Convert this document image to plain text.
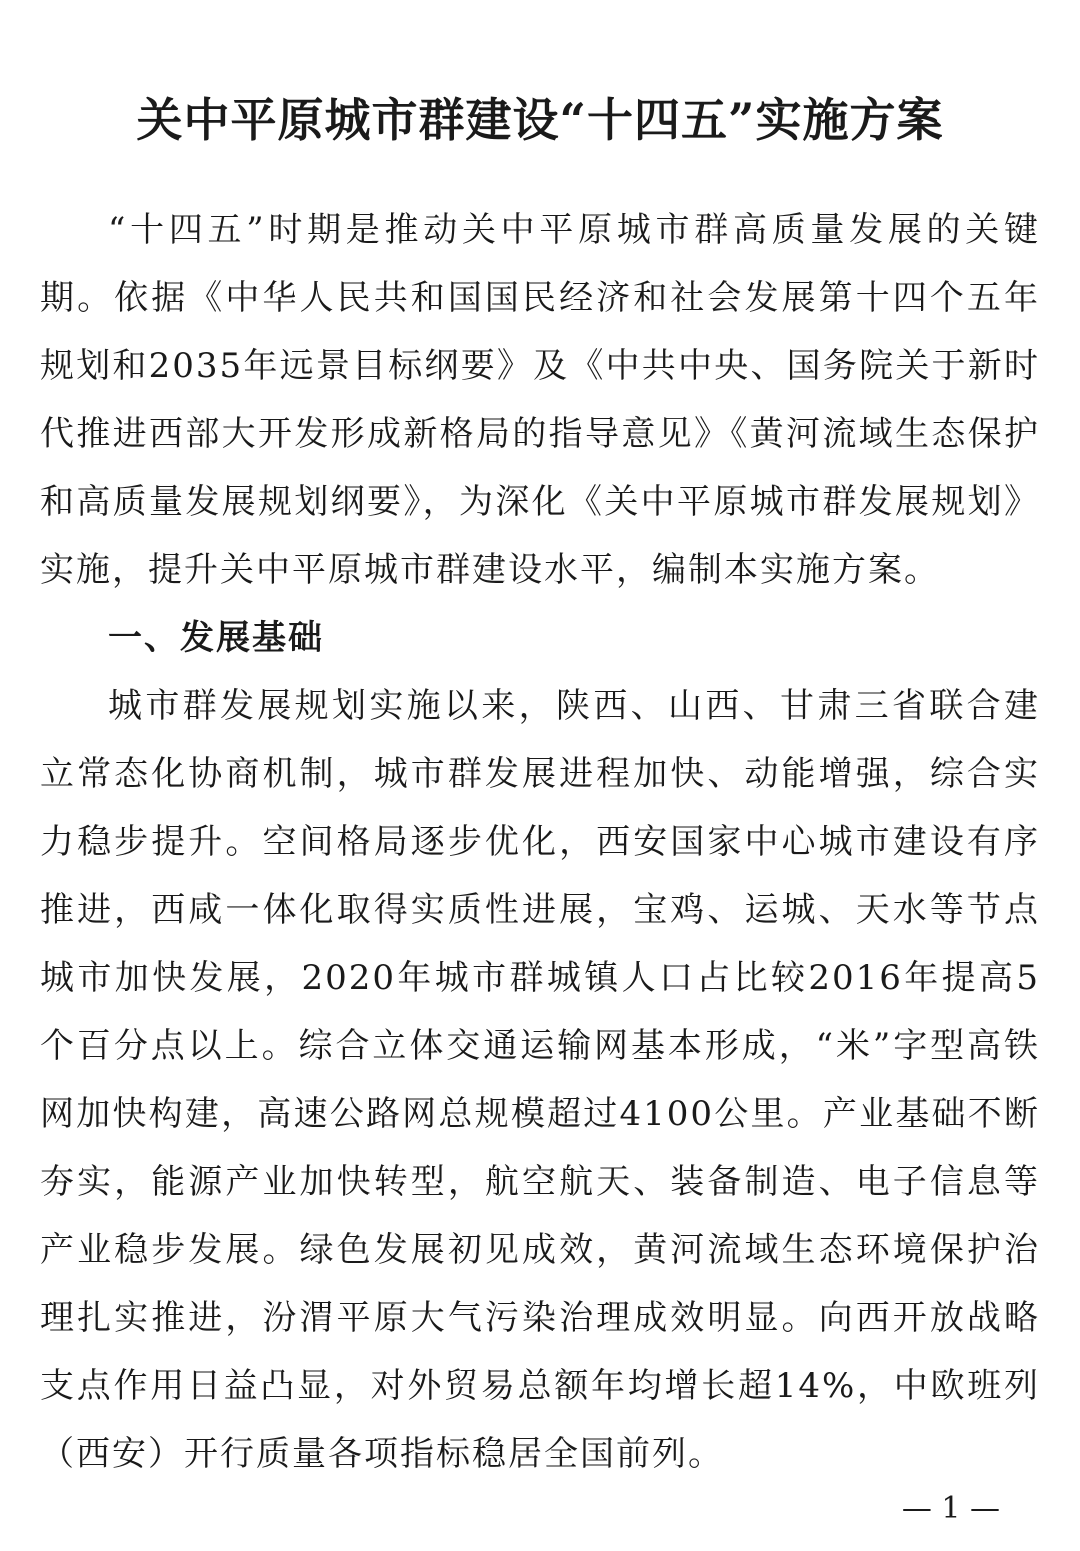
关中平原城市群建设“十四五”实施方案

“十四五”时期是推动关中平原城市群高质量发展的关键期。依据《中华人民共和国国民经济和社会发展第十四个五年规划和2035年远景目标纲要》及《中共中央、国务院关于新时代推进西部大开发形成新格局的指导意见》《黄河流域生态保护和高质量发展规划纲要》，为深化《关中平原城市群发展规划》实施，提升关中平原城市群建设水平，编制本实施方案。

一、发展基础

城市群发展规划实施以来，陕西、山西、甘肃三省联合建立常态化协商机制，城市群发展进程加快、动能增强，综合实力稳步提升。空间格局逐步优化，西安国家中心城市建设有序推进，西咸一体化取得实质性进展，宝鸡、运城、天水等节点城市加快发展，2020年城市群城镇人口占比较2016年提高5个百分点以上。综合立体交通运输网基本形成，“米”字型高铁网加快构建，高速公路网总规模超过4100公里。产业基础不断夯实，能源产业加快转型，航空航天、装备制造、电子信息等产业稳步发展。绿色发展初见成效，黄河流域生态环境保护治理扎实推进，汾渭平原大气污染治理成效明显。向西开放战略支点作用日益凸显，对外贸易总额年均增长超14%，中欧班列（西安）开行质量各项指标稳居全国前列。

— 1 —
